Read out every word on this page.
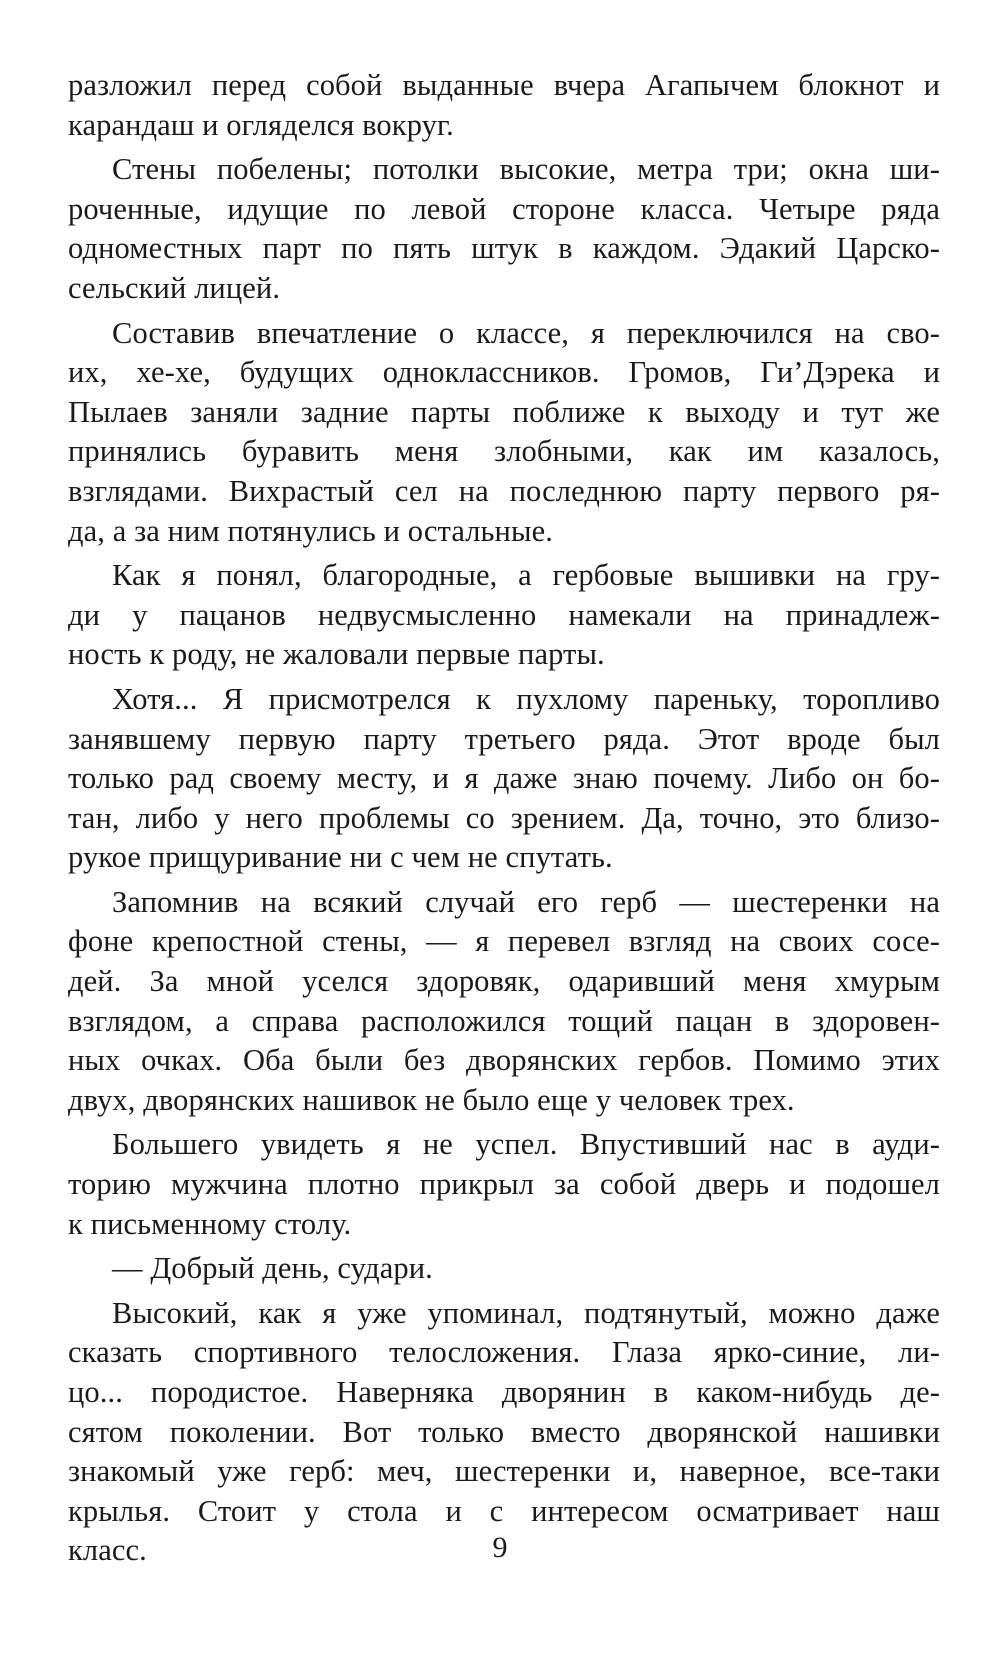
разложил перед собой выданные вчера Агапычем блокнот и
карандаш и огляделся вокруг.
Стены побелены; потолки высокие, метра три; окна ши-
роченные, идущие по левой стороне класса. Четыре ряда
одноместных парт по пять штук в каждом. Эдакий Царско-
сельский лицей.
Составив впечатление о классе, я переключился на сво-
их, хе-хе, будущих одноклассников. Громов, Ги’Дэрека и
Пылаев заняли задние парты поближе к выходу и тут же
принялись буравить меня злобными, как им казалось,
взглядами. Вихрастый сел на последнюю парту первого ря-
да, а за ним потянулись и остальные.
Как я понял, благородные, а гербовые вышивки на гру-
ди у пацанов недвусмысленно намекали на принадлеж-
ность к роду, не жаловали первые парты.
Хотя... Я присмотрелся к пухлому пареньку, торопливо
занявшему первую парту третьего ряда. Этот вроде был
только рад своему месту, и я даже знаю почему. Либо он бо-
тан, либо у него проблемы со зрением. Да, точно, это близо-
рукое прищуривание ни с чем не спутать.
Запомнив на всякий случай его герб — шестеренки на
фоне крепостной стены, — я перевел взгляд на своих сосе-
дей. За мной уселся здоровяк, одаривший меня хмурым
взглядом, а справа расположился тощий пацан в здоровен-
ных очках. Оба были без дворянских гербов. Помимо этих
двух, дворянских нашивок не было еще у человек трех.
Большего увидеть я не успел. Впустивший нас в ауди-
торию мужчина плотно прикрыл за собой дверь и подошел
к письменному столу.
— Добрый день, судари.
Высокий, как я уже упоминал, подтянутый, можно даже
сказать спортивного телосложения. Глаза ярко-синие, ли-
цо... породистое. Наверняка дворянин в каком-нибудь де-
сятом поколении. Вот только вместо дворянской нашивки
знакомый уже герб: меч, шестеренки и, наверное, все-таки
крылья. Стоит у стола и с интересом осматривает наш
класс.	9
